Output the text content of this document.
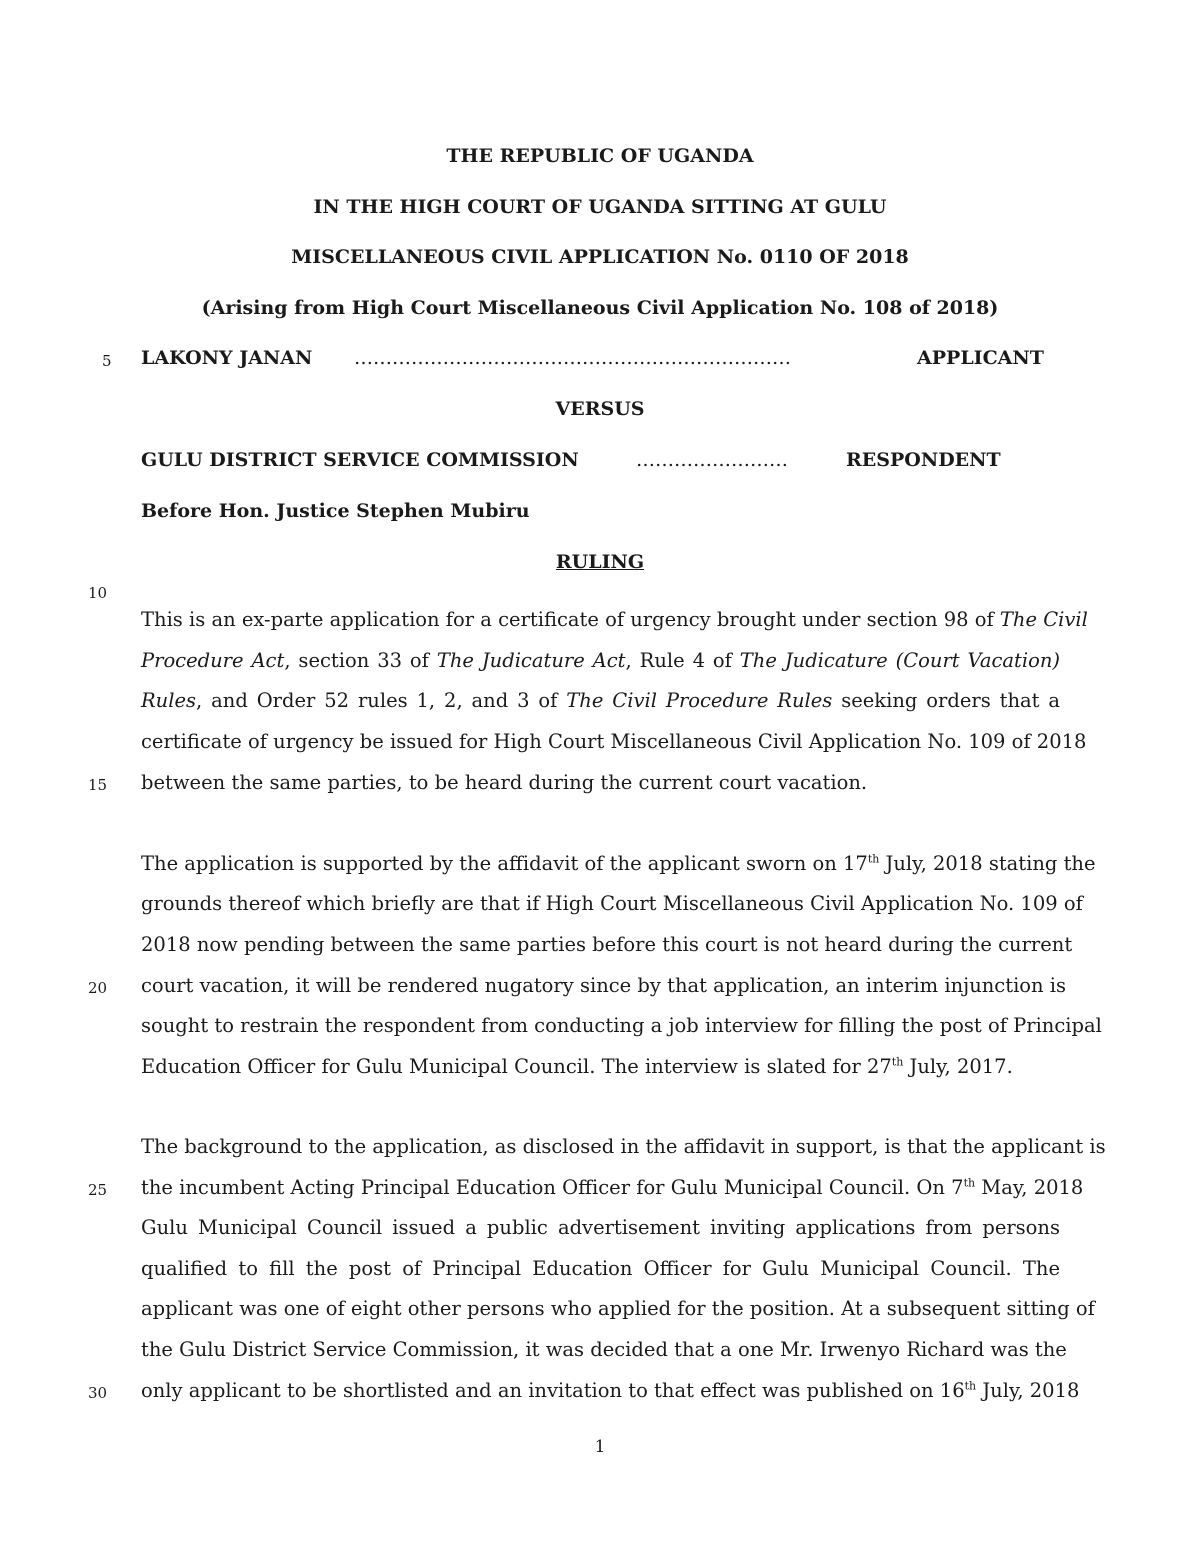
THE REPUBLIC OF UGANDA
IN THE HIGH COURT OF UGANDA SITTING AT GULU
MISCELLANEOUS CIVIL APPLICATION No. 0110 OF 2018
(Arising from High Court Miscellaneous Civil Application No. 108 of 2018)
5 LAKONY JANAN ……………………………………………………………	APPLICANT
VERSUS
GULU DISTRICT SERVICE COMMISSION	……………………	RESPONDENT
Before Hon. Justice Stephen Mubiru
RULING
10
This is an ex-parte application for a certificate of urgency brought under section 98 of The Civil
Procedure Act, section 33 of The Judicature Act, Rule 4 of The Judicature (Court Vacation)
Rules, and Order 52 rules 1, 2, and 3 of The Civil Procedure Rules seeking orders that a
certificate of urgency be issued for High Court Miscellaneous Civil Application No. 109 of 2018
15 between the same parties, to be heard during the current court vacation.
The application is supported by the affidavit of the applicant sworn on 17th July, 2018 stating the
grounds thereof which briefly are that if High Court Miscellaneous Civil Application No. 109 of
2018 now pending between the same parties before this court is not heard during the current
20 court vacation, it will be rendered nugatory since by that application, an interim injunction is
sought to restrain the respondent from conducting a job interview for filling the post of Principal
Education Officer for Gulu Municipal Council. The interview is slated for 27th July, 2017.
The background to the application, as disclosed in the affidavit in support, is that the applicant is
25 the incumbent Acting Principal Education Officer for Gulu Municipal Council. On 7th May, 2018
Gulu Municipal Council issued a public advertisement inviting applications from persons
qualified to fill the post of Principal Education Officer for Gulu Municipal Council. The
applicant was one of eight other persons who applied for the position. At a subsequent sitting of
the Gulu District Service Commission, it was decided that a one Mr. Irwenyo Richard was the
30 only applicant to be shortlisted and an invitation to that effect was published on 16th July, 2018
1
